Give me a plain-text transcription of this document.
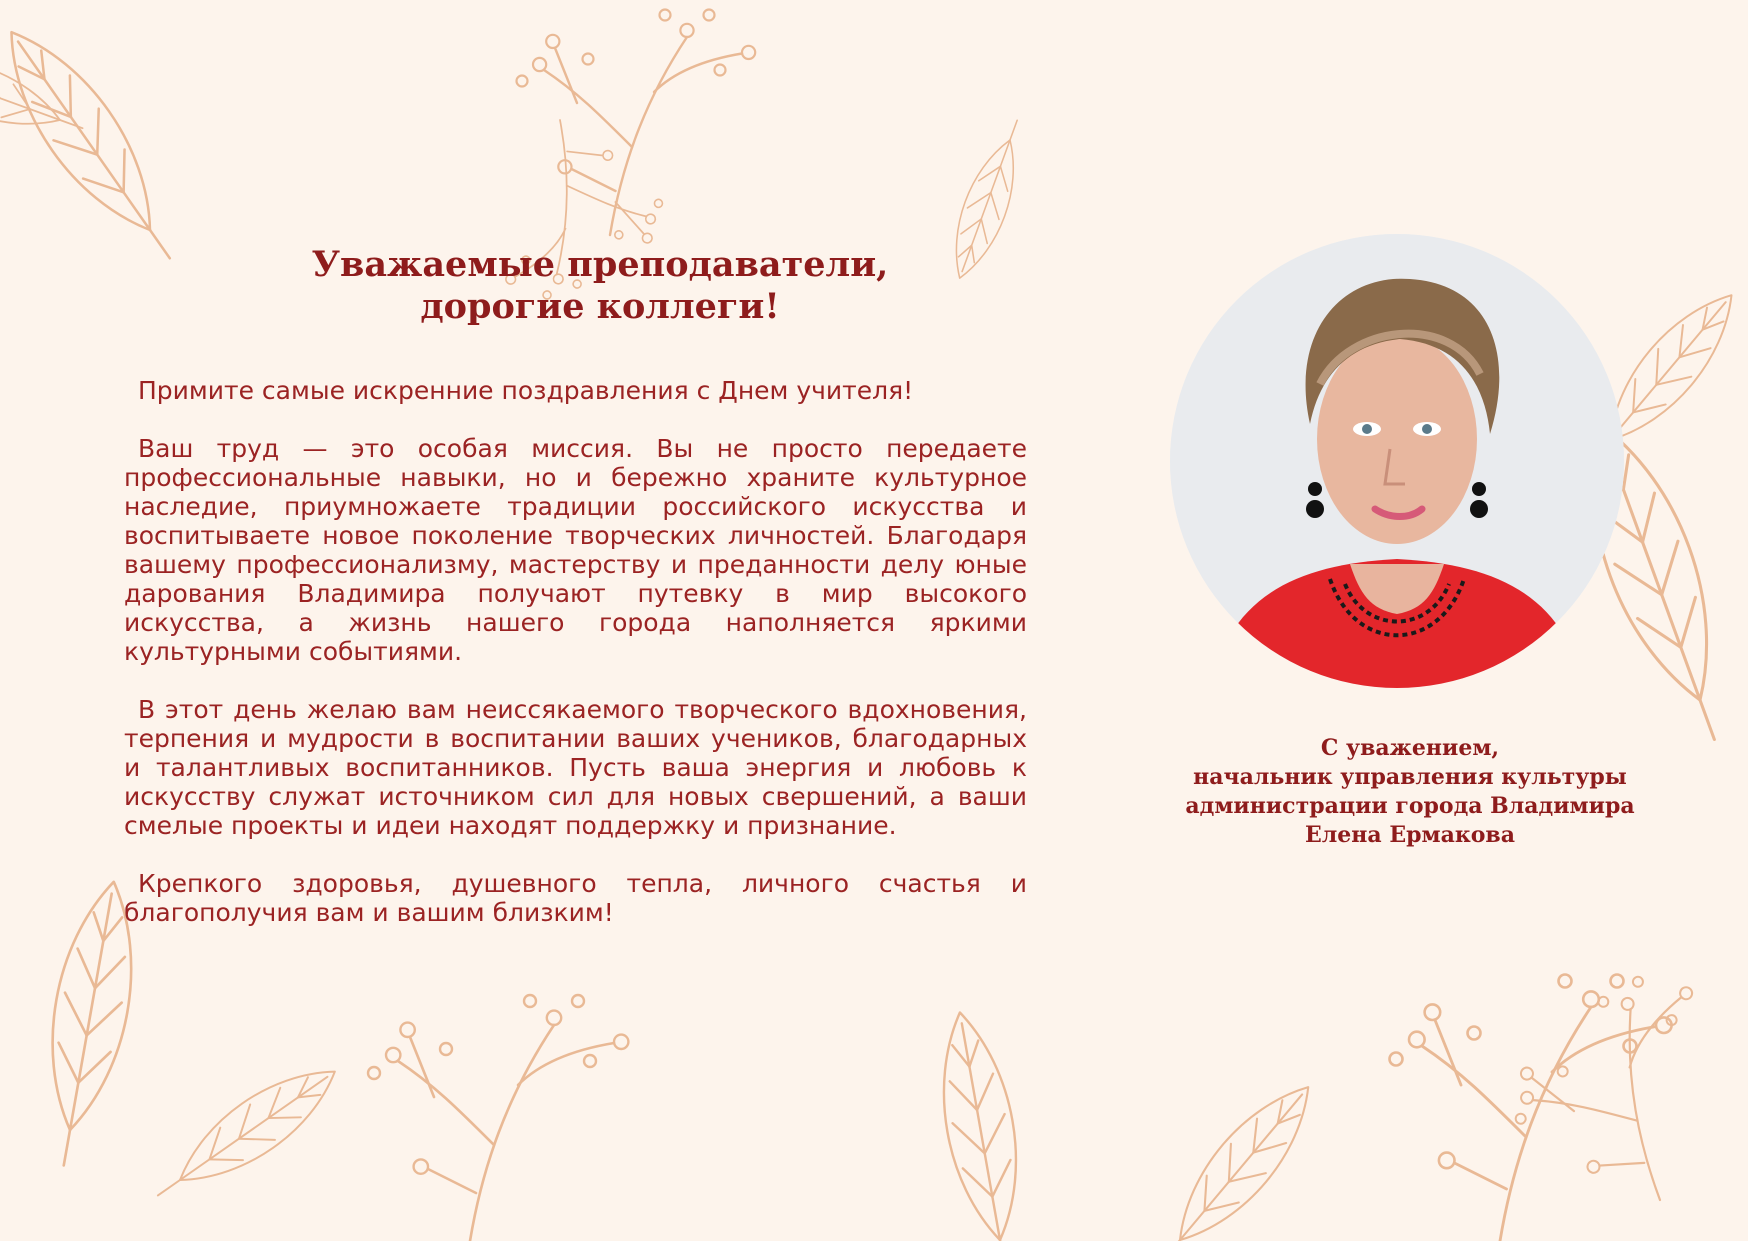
Уважаемые преподаватели,
дорогие коллеги!

Примите самые искренние поздравления с Днем учителя!

Ваш труд — это особая миссия. Вы не просто передаете профессиональные навыки, но и бережно храните культурное наследие, приумножаете традиции российского искусства и воспитываете новое поколение творческих личностей. Благодаря вашему профессионализму, мастерству и преданности делу юные дарования Владимира получают путевку в мир высокого искусства, а жизнь нашего города наполняется яркими культурными событиями.

В этот день желаю вам неиссякаемого творческого вдохновения, терпения и мудрости в воспитании ваших учеников, благодарных и талантливых воспитанников. Пусть ваша энергия и любовь к искусству служат источником сил для новых свершений, а ваши смелые проекты и идеи находят поддержку и признание.

Крепкого здоровья, душевного тепла, личного счастья и благополучия вам и вашим близким!

С уважением,
начальник управления культуры
администрации города Владимира
Елена Ермакова
